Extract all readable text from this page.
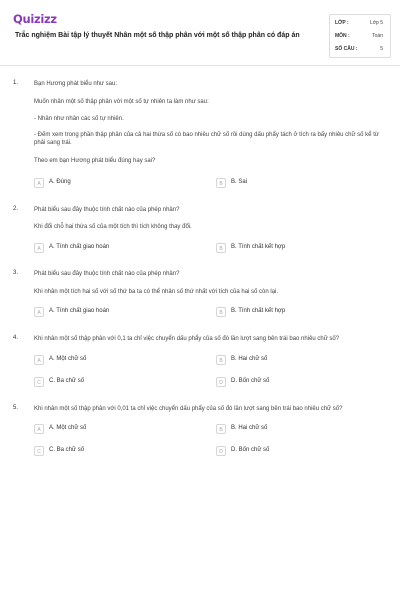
Quizizz
Trắc nghiệm Bài tập lý thuyết Nhân một số thập phân với một số thập phân có đáp án
LỚP :	Lớp 5
MÔN :	Toán
SỐ CÂU :	5
1.	Bạn Hương phát biểu như sau:
Muốn nhân một số thập phân với một số tự nhiên ta làm như sau:
- Nhân như nhân các số tự nhiên.
- Đếm xem trong phần thập phân của cả hai thừa số có bao nhiêu chữ số rồi dùng dấu phẩy tách ở tích ra bấy nhiêu chữ số kể từ phải sang trái.
Theo em bạn Hương phát biểu đúng hay sai?
A	A. Đúng	B	B. Sai
2.	Phát biểu sau đây thuộc tính chất nào của phép nhân?
Khi đổi chỗ hai thừa số của một tích thì tích không thay đổi.
A	A. Tính chất giao hoán	B	B. Tính chất kết hợp
3.	Phát biểu sau đây thuộc tính chất nào của phép nhân?
Khi nhân một tích hai số với số thứ ba ta có thể nhân số thứ nhất với tích của hai số còn lại.
A	A. Tính chất giao hoán	B	B. Tính chất kết hợp
4.	Khi nhân một số thập phân với 0,1 ta chỉ việc chuyển dấu phẩy của số đó lần lượt sang bên trái bao nhiêu chữ số?
A	A. Một chữ số	B	B. Hai chữ số
C	C. Ba chữ số	D	D. Bốn chữ số
5.	Khi nhân một số thập phân với 0,01 ta chỉ việc chuyển dấu phẩy của số đó lần lượt sang bên trái bao nhiêu chữ số?
A	A. Một chữ số	B	B. Hai chữ số
C	C. Ba chữ số	D	D. Bốn chữ số
